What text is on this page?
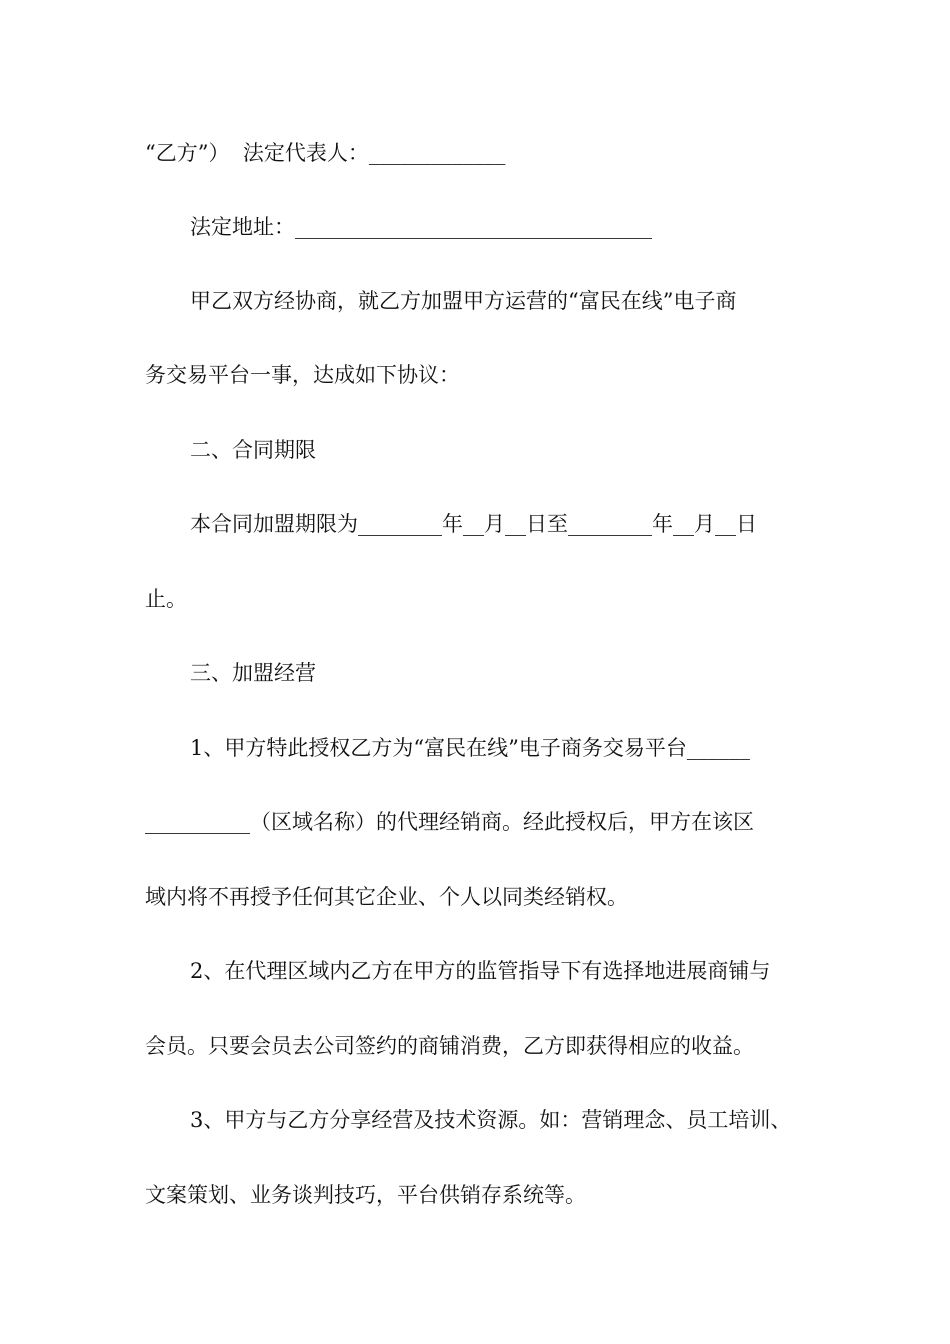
“乙方”）  法定代表人：_____________
法定地址：__________________________________
甲乙双方经协商，就乙方加盟甲方运营的“富民在线”电子商
务交易平台一事，达成如下协议：
二、合同期限
本合同加盟期限为________年__月__日至________年__月__日
止。
三、加盟经营
1、甲方特此授权乙方为“富民在线”电子商务交易平台______
__________（区域名称）的代理经销商。经此授权后，甲方在该区
域内将不再授予任何其它企业、个人以同类经销权。
2、在代理区域内乙方在甲方的监管指导下有选择地进展商铺与
会员。只要会员去公司签约的商铺消费，乙方即获得相应的收益。
3、甲方与乙方分享经营及技术资源。如：营销理念、员工培训、
文案策划、业务谈判技巧，平台供销存系统等。
